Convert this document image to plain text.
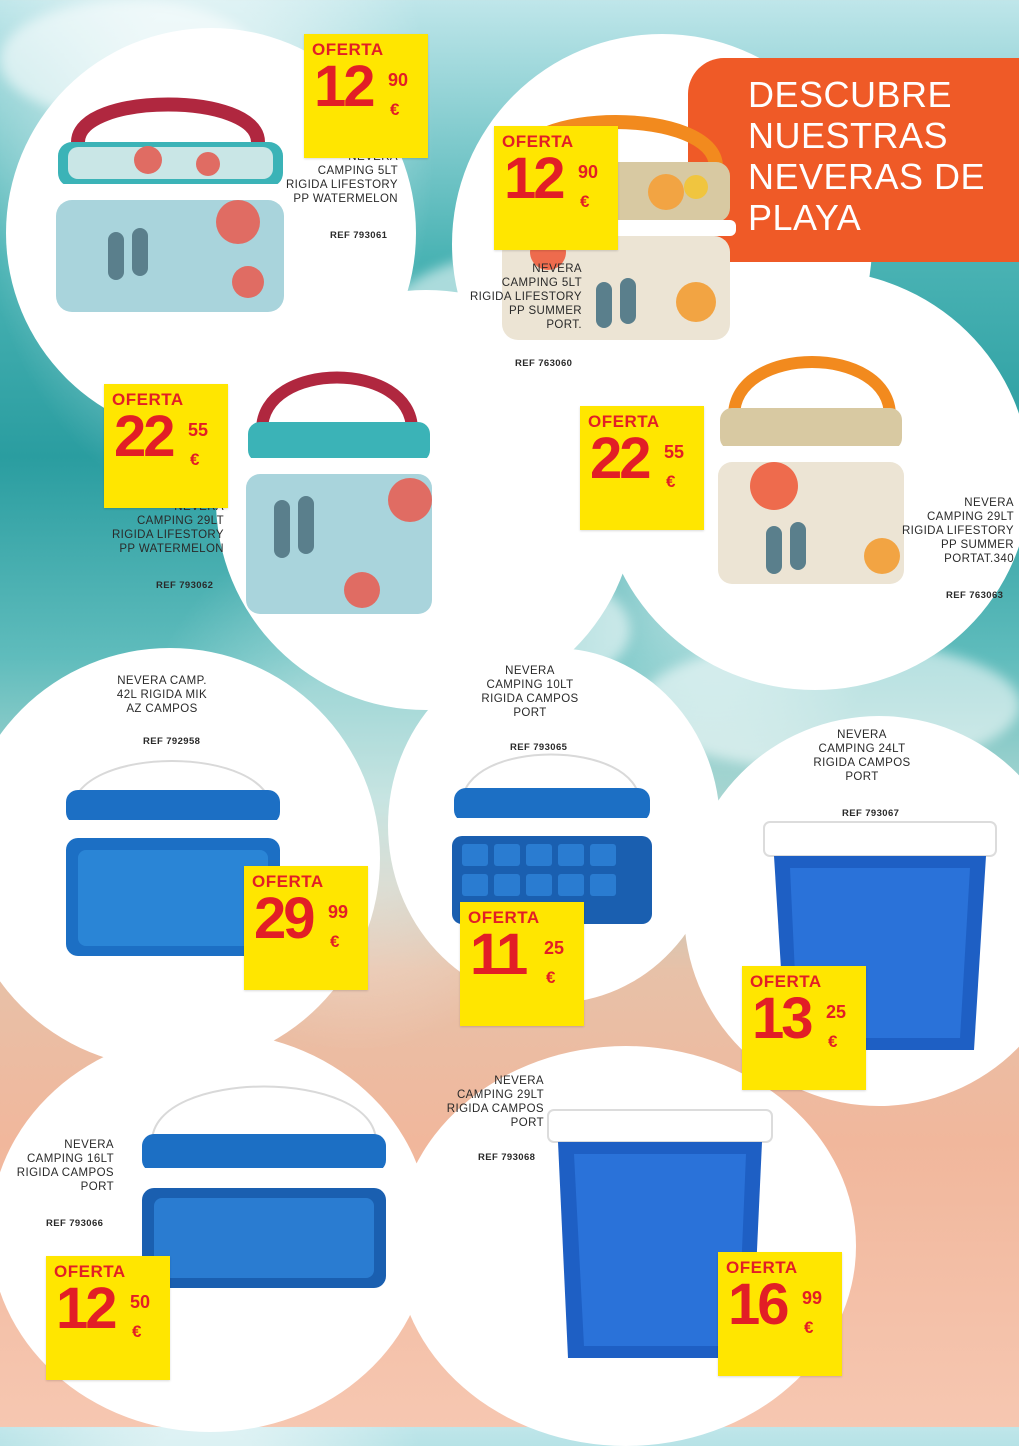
DESCUBRE
NUESTRAS
NEVERAS DE
PLAYA
CAMPING 5LT
RIGIDA LIFESTORY
PP WATERMELON
REF 793061
NEVERA
CAMPING 5LT
RIGIDA LIFESTORY
PP SUMMER
PORT.
REF 763060
CAMPING 29LT
RIGIDA LIFESTORY
PP WATERMELON
REF 793062
NEVERA
CAMPING 29LT
RIGIDA LIFESTORY
PP SUMMER
PORTAT.340
REF 763063
NEVERA CAMP.
42L RIGIDA MIK
AZ CAMPOS
REF 792958
NEVERA
CAMPING 10LT
RIGIDA CAMPOS
PORT
REF 793065
NEVERA
CAMPING 24LT
RIGIDA CAMPOS
PORT
REF 793067
NEVERA
CAMPING 16LT
RIGIDA CAMPOS
PORT
REF 793066
NEVERA
CAMPING 29LT
RIGIDA CAMPOS
PORT
REF 793068
OFERTA
12 90
€
OFERTA
12 90
€
OFERTA
22 55
€
OFERTA
22 55
€
OFERTA
29 99
€
OFERTA
11 25
€	OFERTA
13 25
€
OFERTA
12 50
€
OFERTA
16 99
€
